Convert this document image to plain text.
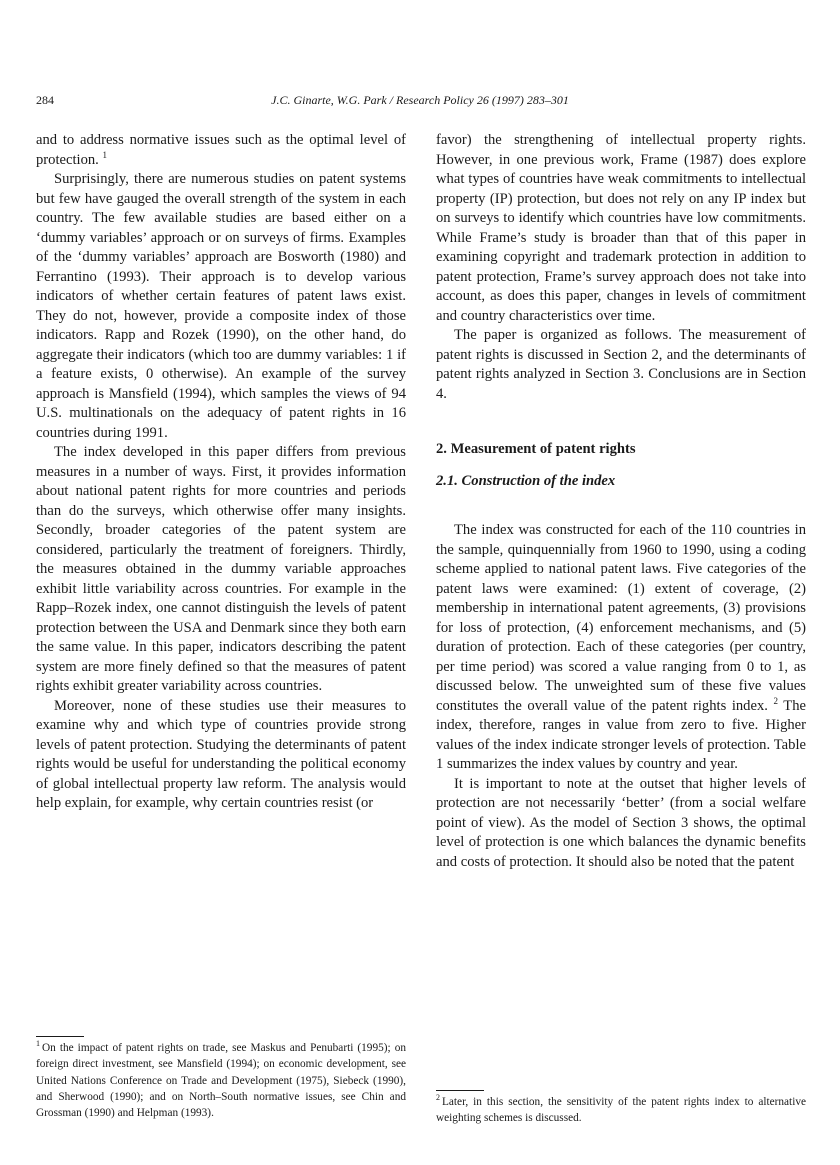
284	J.C. Ginarte, W.G. Park / Research Policy 26 (1997) 283–301

and to address normative issues such as the optimal level of protection. $^1$

Surprisingly, there are numerous studies on patent systems but few have gauged the overall strength of the system in each country. The few available studies are based either on a ‘dummy variables’ approach or on surveys of firms. Examples of the ‘dummy variables’ approach are Bosworth (1980) and Ferrantino (1993). Their approach is to develop various indicators of whether certain features of patent laws exist. They do not, however, provide a composite index of those indicators. Rapp and Rozek (1990), on the other hand, do aggregate their indicators (which too are dummy variables: 1 if a feature exists, 0 otherwise). An example of the survey approach is Mansfield (1994), which samples the views of 94 U.S. multinationals on the adequacy of patent rights in 16 countries during 1991.

The index developed in this paper differs from previous measures in a number of ways. First, it provides information about national patent rights for more countries and periods than do the surveys, which otherwise offer many insights. Secondly, broader categories of the patent system are considered, particularly the treatment of foreigners. Thirdly, the measures obtained in the dummy variable approaches exhibit little variability across countries. For example in the Rapp–Rozek index, one cannot distinguish the levels of patent protection between the USA and Denmark since they both earn the same value. In this paper, indicators describing the patent system are more finely defined so that the measures of patent rights exhibit greater variability across countries.

Moreover, none of these studies use their measures to examine why and which type of countries provide strong levels of patent protection. Studying the determinants of patent rights would be useful for understanding the political economy of global intellectual property law reform. The analysis would help explain, for example, why certain countries resist (or

$^1$ On the impact of patent rights on trade, see Maskus and Penubarti (1995); on foreign direct investment, see Mansfield (1994); on economic development, see United Nations Conference on Trade and Development (1975), Siebeck (1990), and Sherwood (1990); and on North–South normative issues, see Chin and Grossman (1990) and Helpman (1993).

favor) the strengthening of intellectual property rights. However, in one previous work, Frame (1987) does explore what types of countries have weak commitments to intellectual property (IP) protection, but does not rely on any IP index but on surveys to identify which countries have low commitments. While Frame’s study is broader than that of this paper in examining copyright and trademark protection in addition to patent protection, Frame’s survey approach does not take into account, as does this paper, changes in levels of commitment and country characteristics over time.

The paper is organized as follows. The measurement of patent rights is discussed in Section 2, and the determinants of patent rights analyzed in Section 3. Conclusions are in Section 4.

2. Measurement of patent rights
2.1. Construction of the index

The index was constructed for each of the 110 countries in the sample, quinquennially from 1960 to 1990, using a coding scheme applied to national patent laws. Five categories of the patent laws were examined: (1) extent of coverage, (2) membership in international patent agreements, (3) provisions for loss of protection, (4) enforcement mechanisms, and (5) duration of protection. Each of these categories (per country, per time period) was scored a value ranging from 0 to 1, as discussed below. The unweighted sum of these five values constitutes the overall value of the patent rights index. $^2$ The index, therefore, ranges in value from zero to five. Higher values of the index indicate stronger levels of protection. Table 1 summarizes the index values by country and year.

It is important to note at the outset that higher levels of protection are not necessarily ‘better’ (from a social welfare point of view). As the model of Section 3 shows, the optimal level of protection is one which balances the dynamic benefits and costs of protection. It should also be noted that the patent

$^2$ Later, in this section, the sensitivity of the patent rights index to alternative weighting schemes is discussed.
